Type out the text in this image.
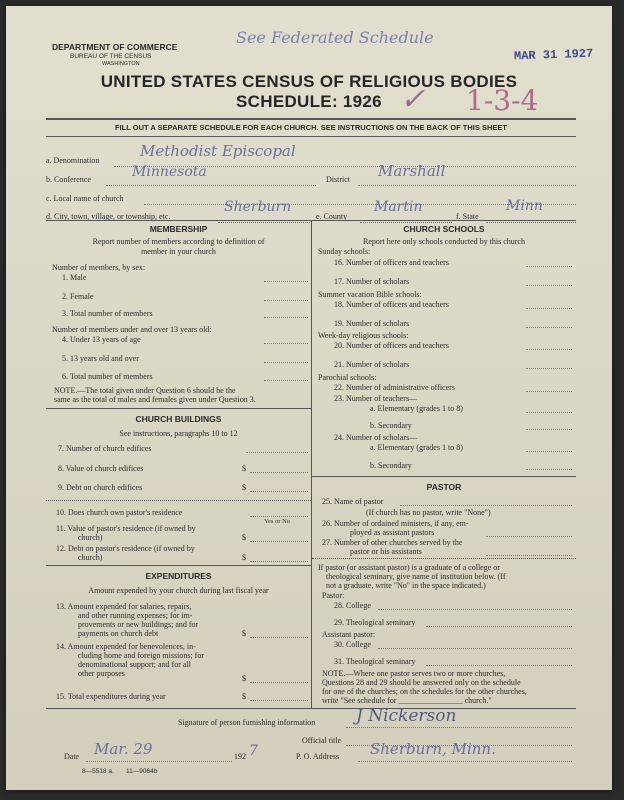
DEPARTMENT OF COMMERCE
BUREAU OF THE CENSUS
WASHINGTON
See Federated Schedule
MAR 31 1927
UNITED STATES CENSUS OF RELIGIOUS BODIES
SCHEDULE: 1926 ✓ 1-3-4
FILL OUT A SEPARATE SCHEDULE FOR EACH CHURCH. SEE INSTRUCTIONS ON THE BACK OF THIS SHEET
a. Denomination
Methodist Episcopal
b. Conference	Minnesota	District Marshall
c. Local name of church
d. City, town, village, or township, etc.
Sherburn
e. County
Martin
f. State
Minn
MEMBERSHIP
Report number of members according to definition of
member in your church
Number of members, by sex:
1. Male
2. Female
3. Total number of members
Number of members under and over 13 years old:
4. Under 13 years of age
5. 13 years old and over
6. Total number of members
NOTE.—The total given under Question 6 should be the
same as the total of males and females given under Question 3.
CHURCH BUILDINGS
See instructions, paragraphs 10 to 12
7. Number of church edifices
8. Value of church edifices	$
9. Debt on church edifices	$
10. Does church own pastor's residence
Yes or No
11. Value of pastor's residence (if owned by
church)	$
12. Debt on pastor's residence (if owned by
church)	$
EXPENDITURES
Amount expended by your church during last fiscal year
13. Amount expended for salaries, repairs,
and other running expenses; for im-
provements or new buildings; and for
payments on church debt	$
14. Amount expended for benevolences, in-
cluding home and foreign missions; for
denominational support; and for all
other purposes
$
15. Total expenditures during year	$
CHURCH SCHOOLS
Report here only schools conducted by this church
Sunday schools:
16. Number of officers and teachers
17. Number of scholars
Summer vacation Bible schools:
18. Number of officers and teachers
19. Number of scholars
Week-day religious schools:
20. Number of officers and teachers
21. Number of scholars
Parochial schools:
22. Number of administrative officers
23. Number of teachers—
a. Elementary (grades 1 to 8)
b. Secondary
24. Number of scholars—
a. Elementary (grades 1 to 8)
b. Secondary
PASTOR
25. Name of pastor
(If church has no pastor, write "None")
26. Number of ordained ministers, if any, em-
ployed as assistant pastors
27. Number of other churches served by the
pastor or his assistants
If pastor (or assistant pastor) is a graduate of a college or
theological seminary, give name of institution below. (If
not a graduate, write "No" in the space indicated.)
Pastor:
28. College
29. Theological seminary
Assistant pastor:
30. College
31. Theological seminary
NOTE.—Where one pastor serves two or more churches,
Questions 28 and 29 should be answered only on the schedule
for one of the churches; on the schedules for the other churches,
write "See schedule for ________________ church."
Signature of person furnishing information J Nickerson
Official title
Date Mar. 29	192 7	P. O. Address Sherburn, Minn.
8—5518 a. 11—9064b
